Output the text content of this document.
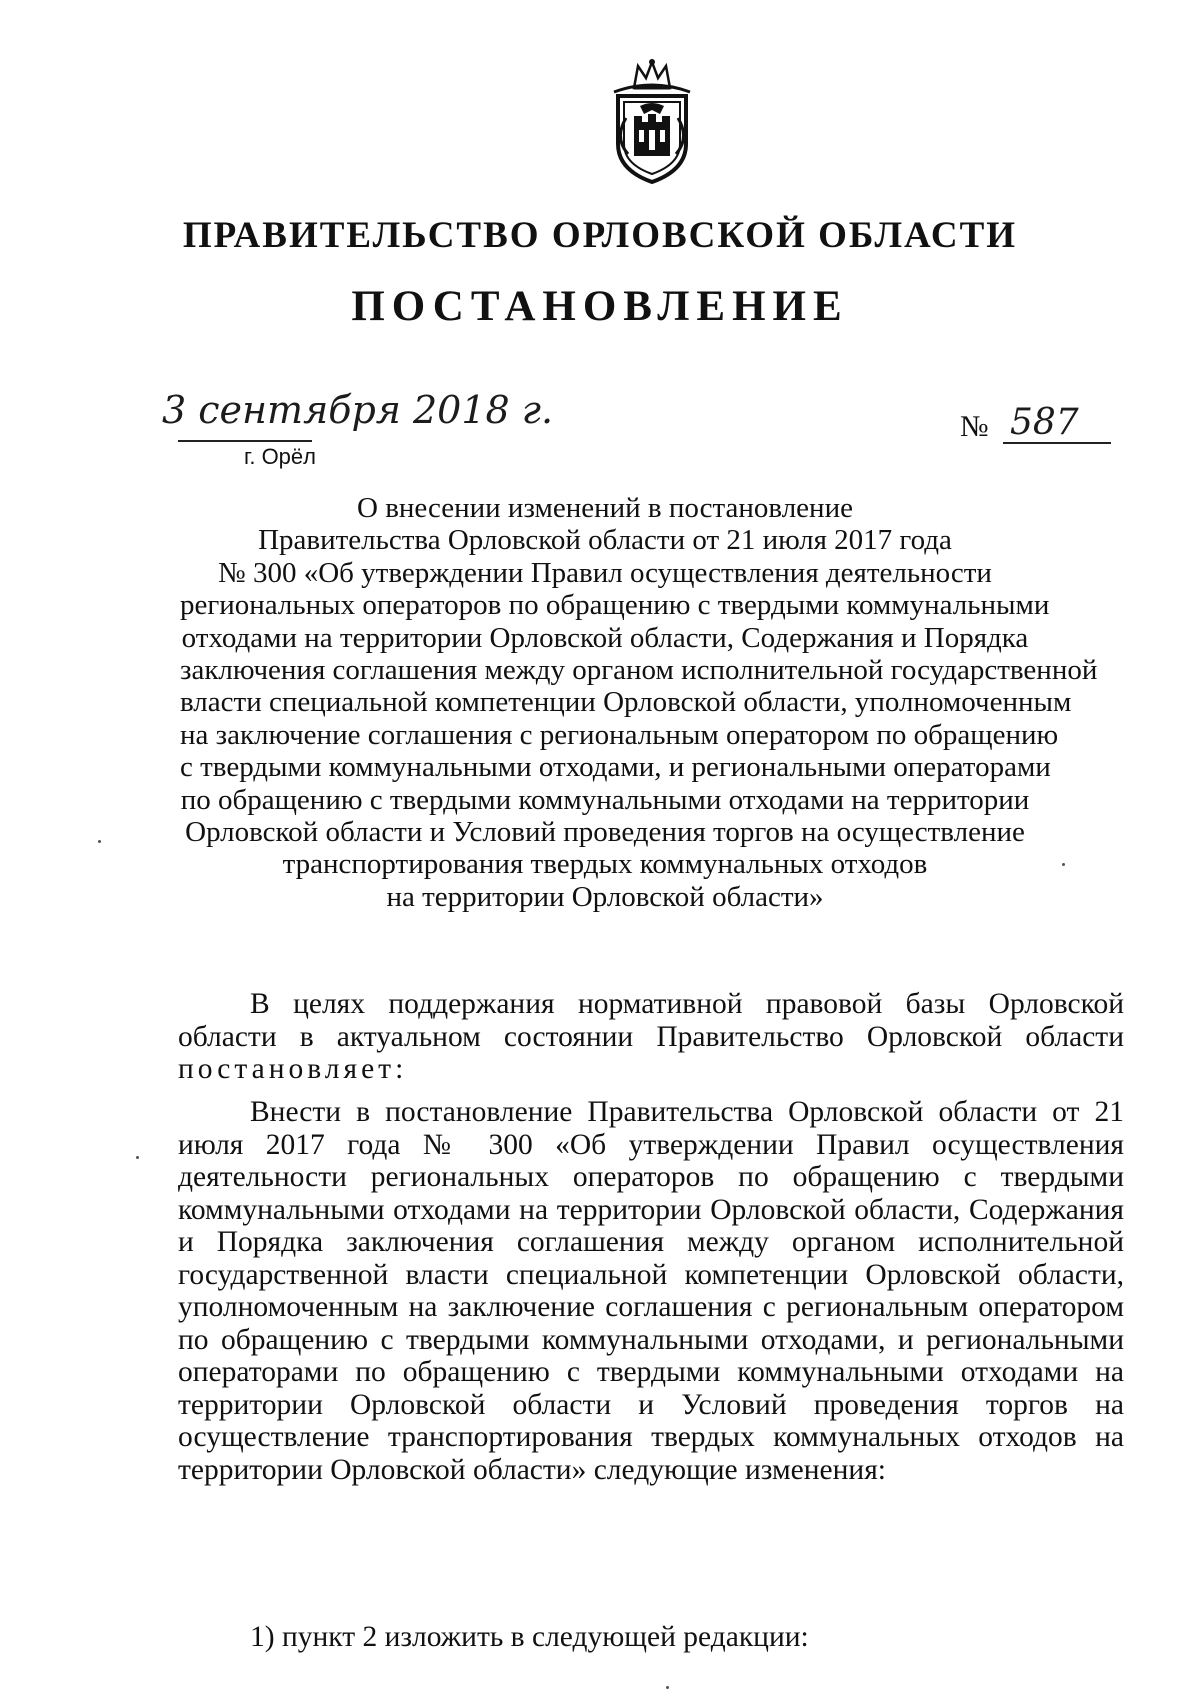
ПРАВИТЕЛЬСТВО ОРЛОВСКОЙ ОБЛАСТИ
ПОСТАНОВЛЕНИЕ
3 сентября 2018 г.
г. Орёл
№ 587
О внесении изменений в постановление
Правительства Орловской области от 21 июля 2017 года
№ 300 «Об утверждении Правил осуществления деятельности
региональных операторов по обращению с твердыми коммунальными
отходами на территории Орловской области, Содержания и Порядка
заключения соглашения между органом исполнительной государственной
власти специальной компетенции Орловской области, уполномоченным
на заключение соглашения с региональным оператором по обращению
с твердыми коммунальными отходами, и региональными операторами
по обращению с твердыми коммунальными отходами на территории
Орловской области и Условий проведения торгов на осуществление
транспортирования твердых коммунальных отходов
на территории Орловской области»
В целях поддержания нормативной правовой базы Орловской области в актуальном состоянии Правительство Орловской области постановляет:
Внести в постановление Правительства Орловской области от 21 июля 2017 года № 300 «Об утверждении Правил осуществления деятельности региональных операторов по обращению с твердыми коммунальными отходами на территории Орловской области, Содержания и Порядка заключения соглашения между органом исполнительной государственной власти специальной компетенции Орловской области, уполномоченным на заключение соглашения с региональным оператором по обращению с твердыми коммунальными отходами, и региональными операторами по обращению с твердыми коммунальными отходами на территории Орловской области и Условий проведения торгов на осуществление транспортирования твердых коммунальных отходов на территории Орловской области» следующие изменения:
1) пункт 2 изложить в следующей редакции:
